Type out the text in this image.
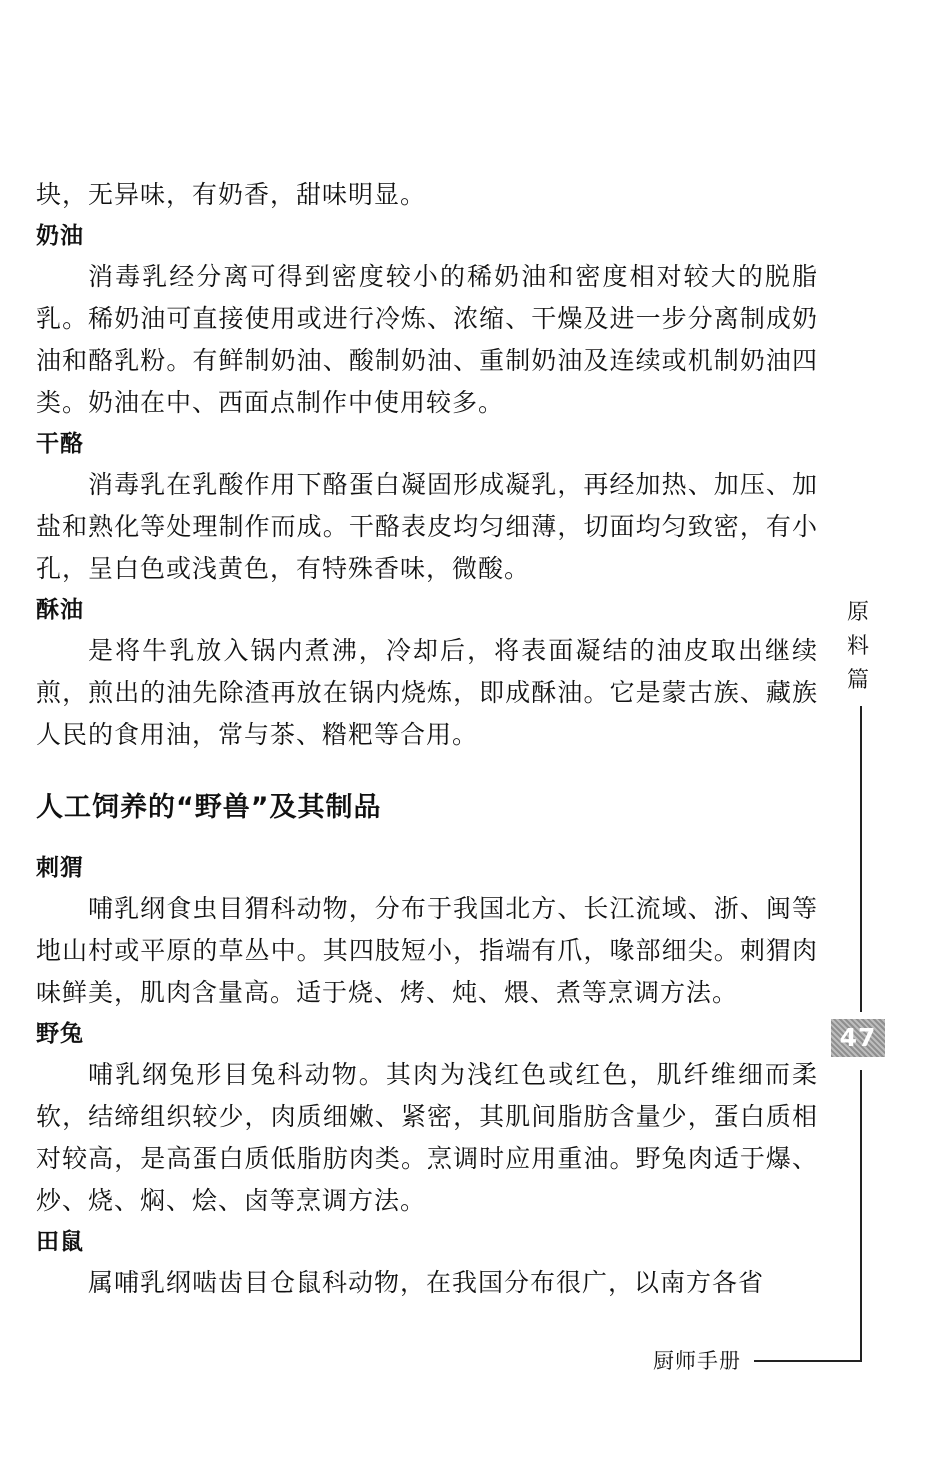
块，无异味，有奶香，甜味明显。

奶油

消毒乳经分离可得到密度较小的稀奶油和密度相对较大的脱脂乳。稀奶油可直接使用或进行冷炼、浓缩、干燥及进一步分离制成奶油和酪乳粉。有鲜制奶油、酸制奶油、重制奶油及连续或机制奶油四类。奶油在中、西面点制作中使用较多。

干酪

消毒乳在乳酸作用下酪蛋白凝固形成凝乳，再经加热、加压、加盐和熟化等处理制作而成。干酪表皮均匀细薄，切面均匀致密，有小孔，呈白色或浅黄色，有特殊香味，微酸。

酥油

是将牛乳放入锅内煮沸，冷却后，将表面凝结的油皮取出继续煎，煎出的油先除渣再放在锅内烧炼，即成酥油。它是蒙古族、藏族人民的食用油，常与茶、糌粑等合用。

人工饲养的“野兽”及其制品
刺猬

哺乳纲食虫目猬科动物，分布于我国北方、长江流域、浙、闽等地山村或平原的草丛中。其四肢短小，指端有爪，喙部细尖。刺猬肉味鲜美，肌肉含量高。适于烧、烤、炖、煨、煮等烹调方法。

野兔

哺乳纲兔形目兔科动物。其肉为浅红色或红色，肌纤维细而柔软，结缔组织较少，肉质细嫩、紧密，其肌间脂肪含量少，蛋白质相对较高，是高蛋白质低脂肪肉类。烹调时应用重油。野兔肉适于爆、炒、烧、焖、烩、卤等烹调方法。

田鼠

属哺乳纲啮齿目仓鼠科动物，在我国分布很广，以南方各省

原
料
篇
47
厨师手册
